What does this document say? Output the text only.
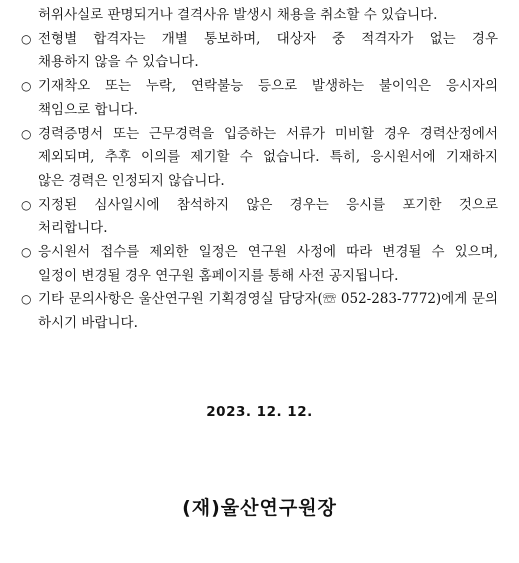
허위사실로 판명되거나 결격사유 발생시 채용을 취소할 수 있습니다.
○ 전형별 합격자는 개별 통보하며, 대상자 중 적격자가 없는 경우
채용하지 않을 수 있습니다.
○ 기재착오 또는 누락, 연락불능 등으로 발생하는 불이익은 응시자의
책임으로 합니다.
○ 경력증명서 또는 근무경력을 입증하는 서류가 미비할 경우 경력산정에서
제외되며, 추후 이의를 제기할 수 없습니다. 특히, 응시원서에 기재하지
않은 경력은 인정되지 않습니다.
○ 지정된 심사일시에 참석하지 않은 경우는 응시를 포기한 것으로
처리합니다.
○ 응시원서 접수를 제외한 일정은 연구원 사정에 따라 변경될 수 있으며,
일정이 변경될 경우 연구원 홈페이지를 통해 사전 공지됩니다.
○ 기타 문의사항은 울산연구원 기획경영실 담당자(☏ 052-283-7772)에게 문의
하시기 바랍니다.
2023. 12. 12.
(재)울산연구원장
